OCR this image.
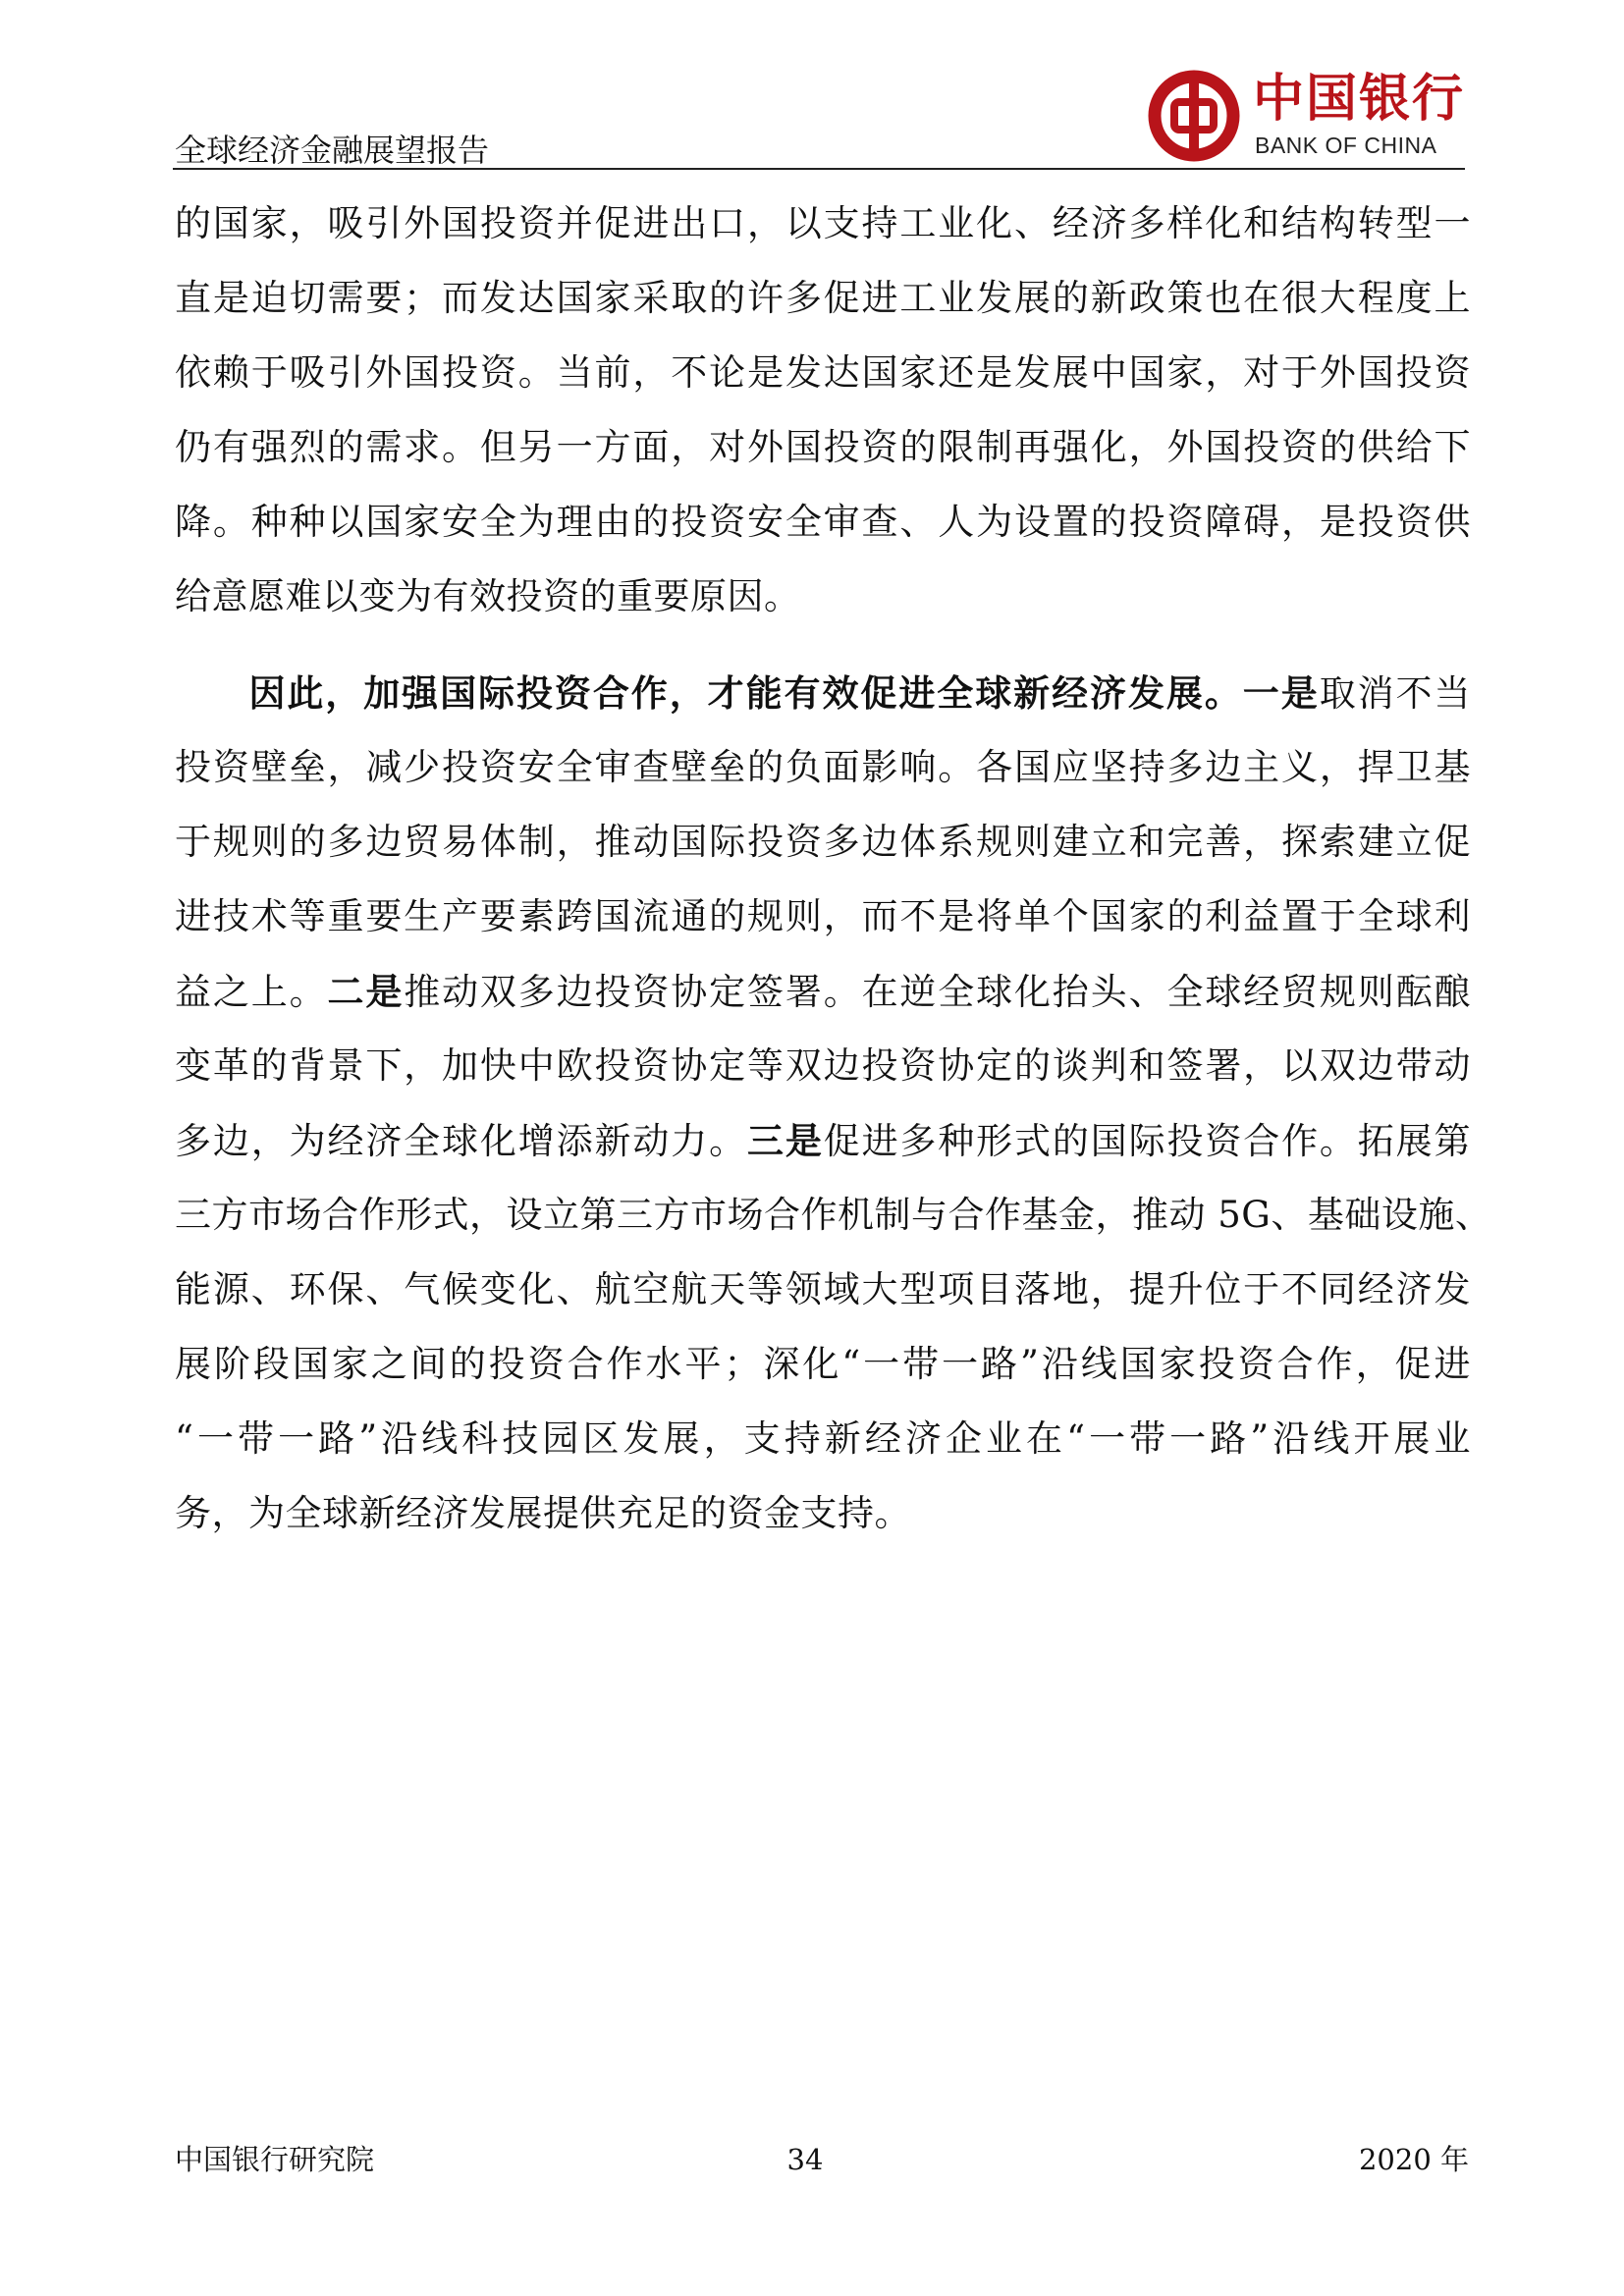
全球经济金融展望报告
中国银行
BANK OF CHINA
的国家，吸引外国投资并促进出口，以支持工业化、经济多样化和结构转型一
直是迫切需要；而发达国家采取的许多促进工业发展的新政策也在很大程度上
依赖于吸引外国投资。当前，不论是发达国家还是发展中国家，对于外国投资
仍有强烈的需求。但另一方面，对外国投资的限制再强化，外国投资的供给下
降。种种以国家安全为理由的投资安全审查、人为设置的投资障碍，是投资供
给意愿难以变为有效投资的重要原因。
因此，加强国际投资合作，才能有效促进全球新经济发展。一是取消不当
投资壁垒，减少投资安全审查壁垒的负面影响。各国应坚持多边主义，捍卫基
于规则的多边贸易体制，推动国际投资多边体系规则建立和完善，探索建立促
进技术等重要生产要素跨国流通的规则，而不是将单个国家的利益置于全球利
益之上。二是推动双多边投资协定签署。在逆全球化抬头、全球经贸规则酝酿
变革的背景下，加快中欧投资协定等双边投资协定的谈判和签署，以双边带动
多边，为经济全球化增添新动力。三是促进多种形式的国际投资合作。拓展第
三方市场合作形式，设立第三方市场合作机制与合作基金，推动 5G、基础设施、
能源、环保、气候变化、航空航天等领域大型项目落地，提升位于不同经济发
展阶段国家之间的投资合作水平；深化“一带一路”沿线国家投资合作，促进
“一带一路”沿线科技园区发展，支持新经济企业在“一带一路”沿线开展业
务，为全球新经济发展提供充足的资金支持。
中国银行研究院	34	2020 年
